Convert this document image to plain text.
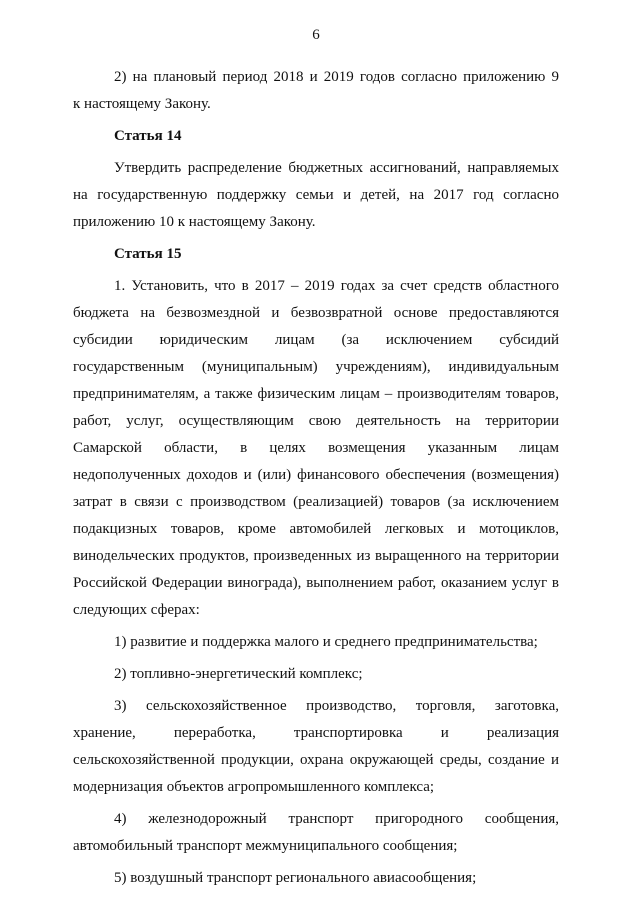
6
2) на плановый период 2018 и 2019 годов согласно приложению 9
к настоящему Закону.
Статья 14
Утвердить распределение бюджетных ассигнований, направляемых
на государственную поддержку семьи и детей, на 2017 год согласно
приложению 10 к настоящему Закону.
Статья 15
1. Установить, что в 2017 – 2019 годах за счет средств областного
бюджета на безвозмездной и безвозвратной основе предоставляются
субсидии юридическим лицам (за исключением субсидий
государственным (муниципальным) учреждениям), индивидуальным
предпринимателям, а также физическим лицам – производителям товаров,
работ, услуг, осуществляющим свою деятельность на территории
Самарской области, в целях возмещения указанным лицам
недополученных доходов и (или) финансового обеспечения (возмещения)
затрат в связи с производством (реализацией) товаров (за исключением
подакцизных товаров, кроме автомобилей легковых и мотоциклов,
винодельческих продуктов, произведенных из выращенного на территории
Российской Федерации винограда), выполнением работ, оказанием услуг в
следующих сферах:
1) развитие и поддержка малого и среднего предпринимательства;
2) топливно-энергетический комплекс;
3) сельскохозяйственное производство, торговля, заготовка,
хранение, переработка, транспортировка и реализация
сельскохозяйственной продукции, охрана окружающей среды, создание и
модернизация объектов агропромышленного комплекса;
4) железнодорожный транспорт пригородного сообщения,
автомобильный транспорт межмуниципального сообщения;
5) воздушный транспорт регионального авиасообщения;
